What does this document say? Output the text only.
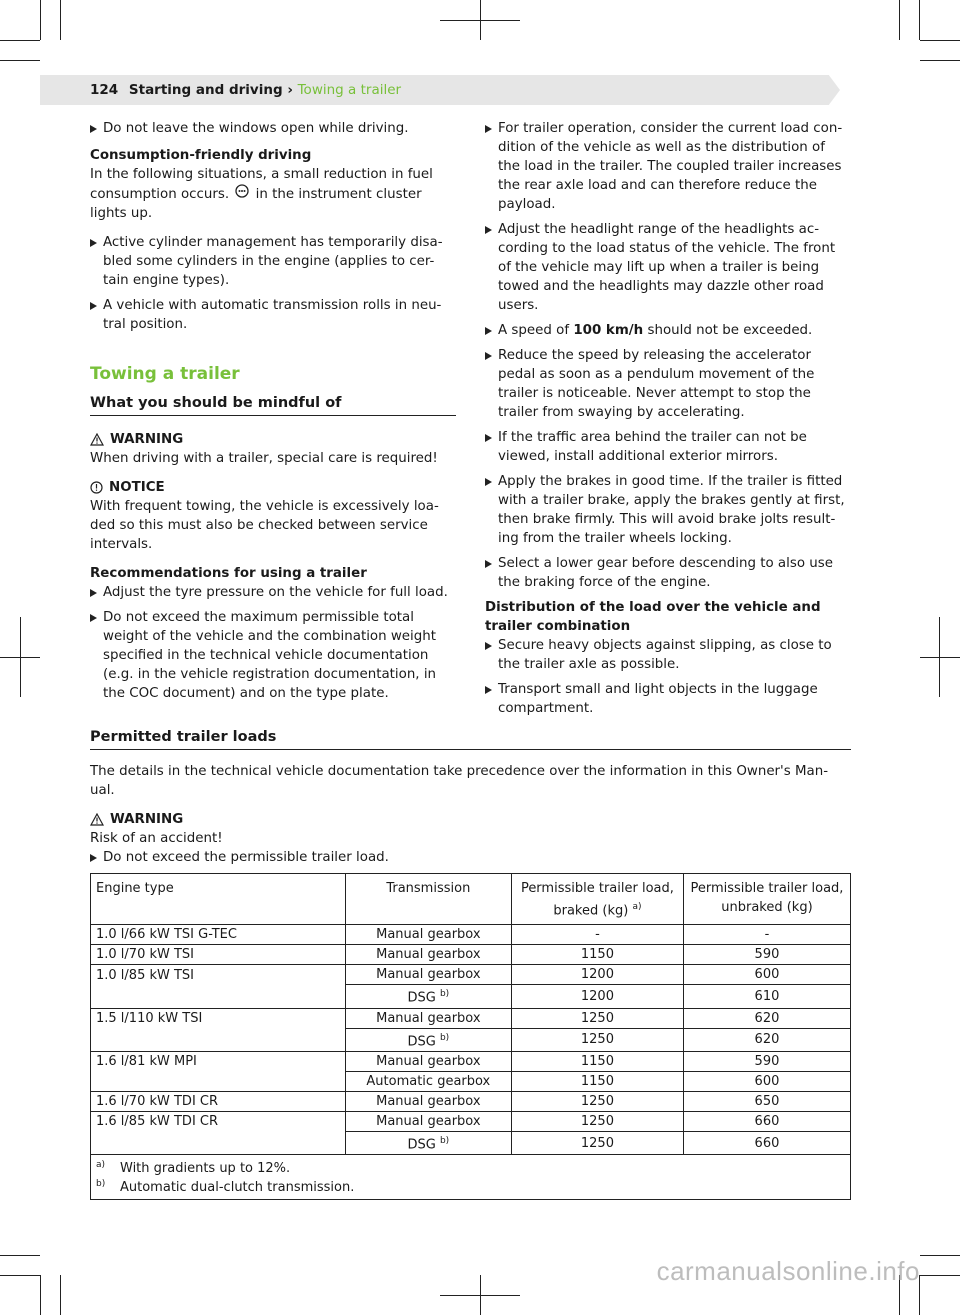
124 Starting and driving › Towing a trailer
Do not leave the windows open while driving.

Consumption-friendly driving
In the following situations, a small reduction in fuel consumption occurs. in the instrument cluster lights up.

Active cylinder management has temporarily disa-bled some cylinders in the engine (applies to cer-tain engine types).
A vehicle with automatic transmission rolls in neu-tral position.
Towing a trailer
What you should be mindful of
WARNING

When driving with a trailer, special care is required!

NOTICE

With frequent towing, the vehicle is excessively loa-ded so this must also be checked between service intervals.

Recommendations for using a trailer
Adjust the tyre pressure on the vehicle for full load.
Do not exceed the maximum permissible total weight of the vehicle and the combination weight specified in the technical vehicle documentation (e.g. in the vehicle registration documentation, in the COC document) and on the type plate.
For trailer operation, consider the current load con-dition of the vehicle as well as the distribution of the load in the trailer. The coupled trailer increases the rear axle load and can therefore reduce the payload.
Adjust the headlight range of the headlights ac-cording to the load status of the vehicle. The front of the vehicle may lift up when a trailer is being towed and the headlights may dazzle other road users.
A speed of 100 km/h should not be exceeded.
Reduce the speed by releasing the accelerator pedal as soon as a pendulum movement of the trailer is noticeable. Never attempt to stop the trailer from swaying by accelerating.
If the traffic area behind the trailer can not be viewed, install additional exterior mirrors.
Apply the brakes in good time. If the trailer is fitted with a trailer brake, apply the brakes gently at first, then brake firmly. This will avoid brake jolts result-ing from the trailer wheels locking.
Select a lower gear before descending to also use the braking force of the engine.
Distribution of the load over the vehicle and trailer combination
Secure heavy objects against slipping, as close to the trailer axle as possible.
Transport small and light objects in the luggage compartment.
Permitted trailer loads

The details in the technical vehicle documentation take precedence over the information in this Owner's Man-ual.

WARNING
Risk of an accident!
Do not exceed the permissible trailer load.
Engine type	Transmission	Permissible trailer load, braked (kg) $^{a)}$	Permissible trailer load, unbraked (kg)
1.0 l/66 kW TSI G-TEC	Manual gearbox	-	-
1.0 l/70 kW TSI	Manual gearbox	1150	590
1.0 l/85 kW TSI	Manual gearbox	1200	600
	DSG $^{b)}$	1200	610
1.5 l/110 kW TSI	Manual gearbox	1250	620
	DSG $^{b)}$	1250	620
1.6 l/81 kW MPI	Manual gearbox	1150	590
	Automatic gearbox	1150	600
1.6 l/70 kW TDI CR	Manual gearbox	1250	650
1.6 l/85 kW TDI CR	Manual gearbox	1250	660
	DSG $^{b)}$	1250	660

a) With gradients up to 12%.
b) Automatic dual-clutch transmission.			
carmanualsonline.info
